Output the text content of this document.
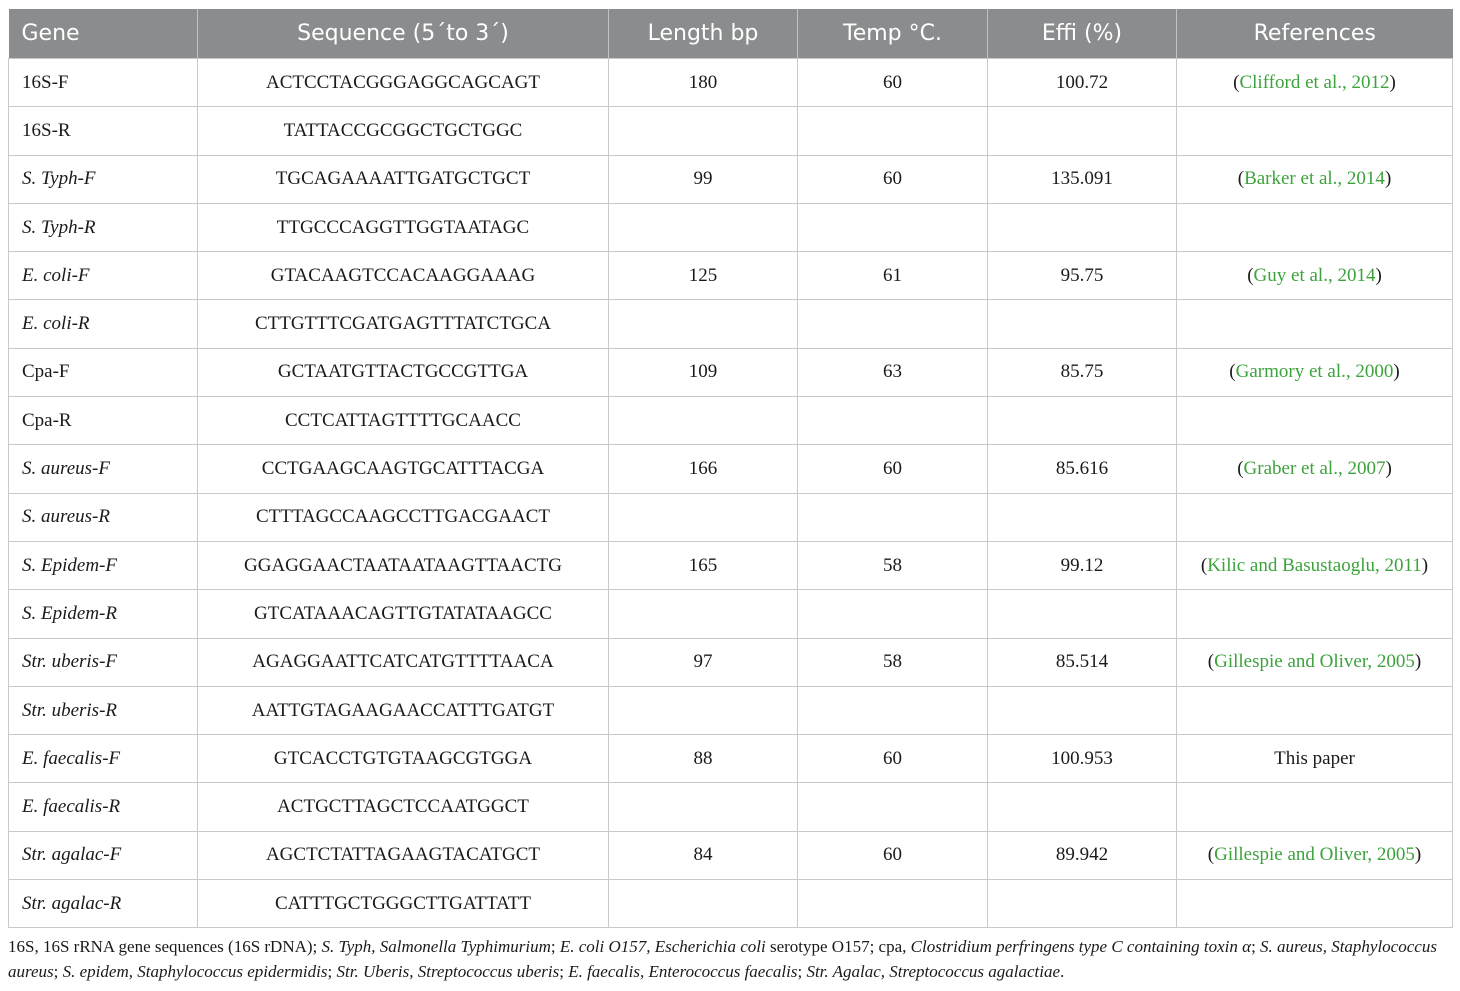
Gene	Sequence (5´to 3´)	Length bp	Temp °C.	Effi (%)	References
16S-F	ACTCCTACGGGAGGCAGCAGT	180	60	100.72	(Clifford et al., 2012)
16S-R	TATTACCGCGGCTGCTGGC				
S. Typh-F	TGCAGAAAATTGATGCTGCT	99	60	135.091	(Barker et al., 2014)
S. Typh-R	TTGCCCAGGTTGGTAATAGC				
E. coli-F	GTACAAGTCCACAAGGAAAG	125	61	95.75	(Guy et al., 2014)
E. coli-R	CTTGTTTCGATGAGTTTATCTGCA				
Cpa-F	GCTAATGTTACTGCCGTTGA	109	63	85.75	(Garmory et al., 2000)
Cpa-R	CCTCATTAGTTTTGCAACC				
S. aureus-F	CCTGAAGCAAGTGCATTTACGA	166	60	85.616	(Graber et al., 2007)
S. aureus-R	CTTTAGCCAAGCCTTGACGAACT				
S. Epidem-F	GGAGGAACTAATAATAAGTTAACTG	165	58	99.12	(Kilic and Basustaoglu, 2011)
S. Epidem-R	GTCATAAACAGTTGTATATAAGCC				
Str. uberis-F	AGAGGAATTCATCATGTTTTAACA	97	58	85.514	(Gillespie and Oliver, 2005)
Str. uberis-R	AATTGTAGAAGAACCATTTGATGT				
E. faecalis-F	GTCACCTGTGTAAGCGTGGA	88	60	100.953	This paper
E. faecalis-R	ACTGCTTAGCTCCAATGGCT				
Str. agalac-F	AGCTCTATTAGAAGTACATGCT	84	60	89.942	(Gillespie and Oliver, 2005)
Str. agalac-R	CATTTGCTGGGCTTGATTATT				
16S, 16S rRNA gene sequences (16S rDNA); S. Typh, Salmonella Typhimurium; E. coli O157, Escherichia coli serotype O157; cpa, Clostridium perfringens type C containing toxin α; S. aureus, Staphylococcus aureus; S. epidem, Staphylococcus epidermidis; Str. Uberis, Streptococcus uberis; E. faecalis, Enterococcus faecalis; Str. Agalac, Streptococcus agalactiae.
